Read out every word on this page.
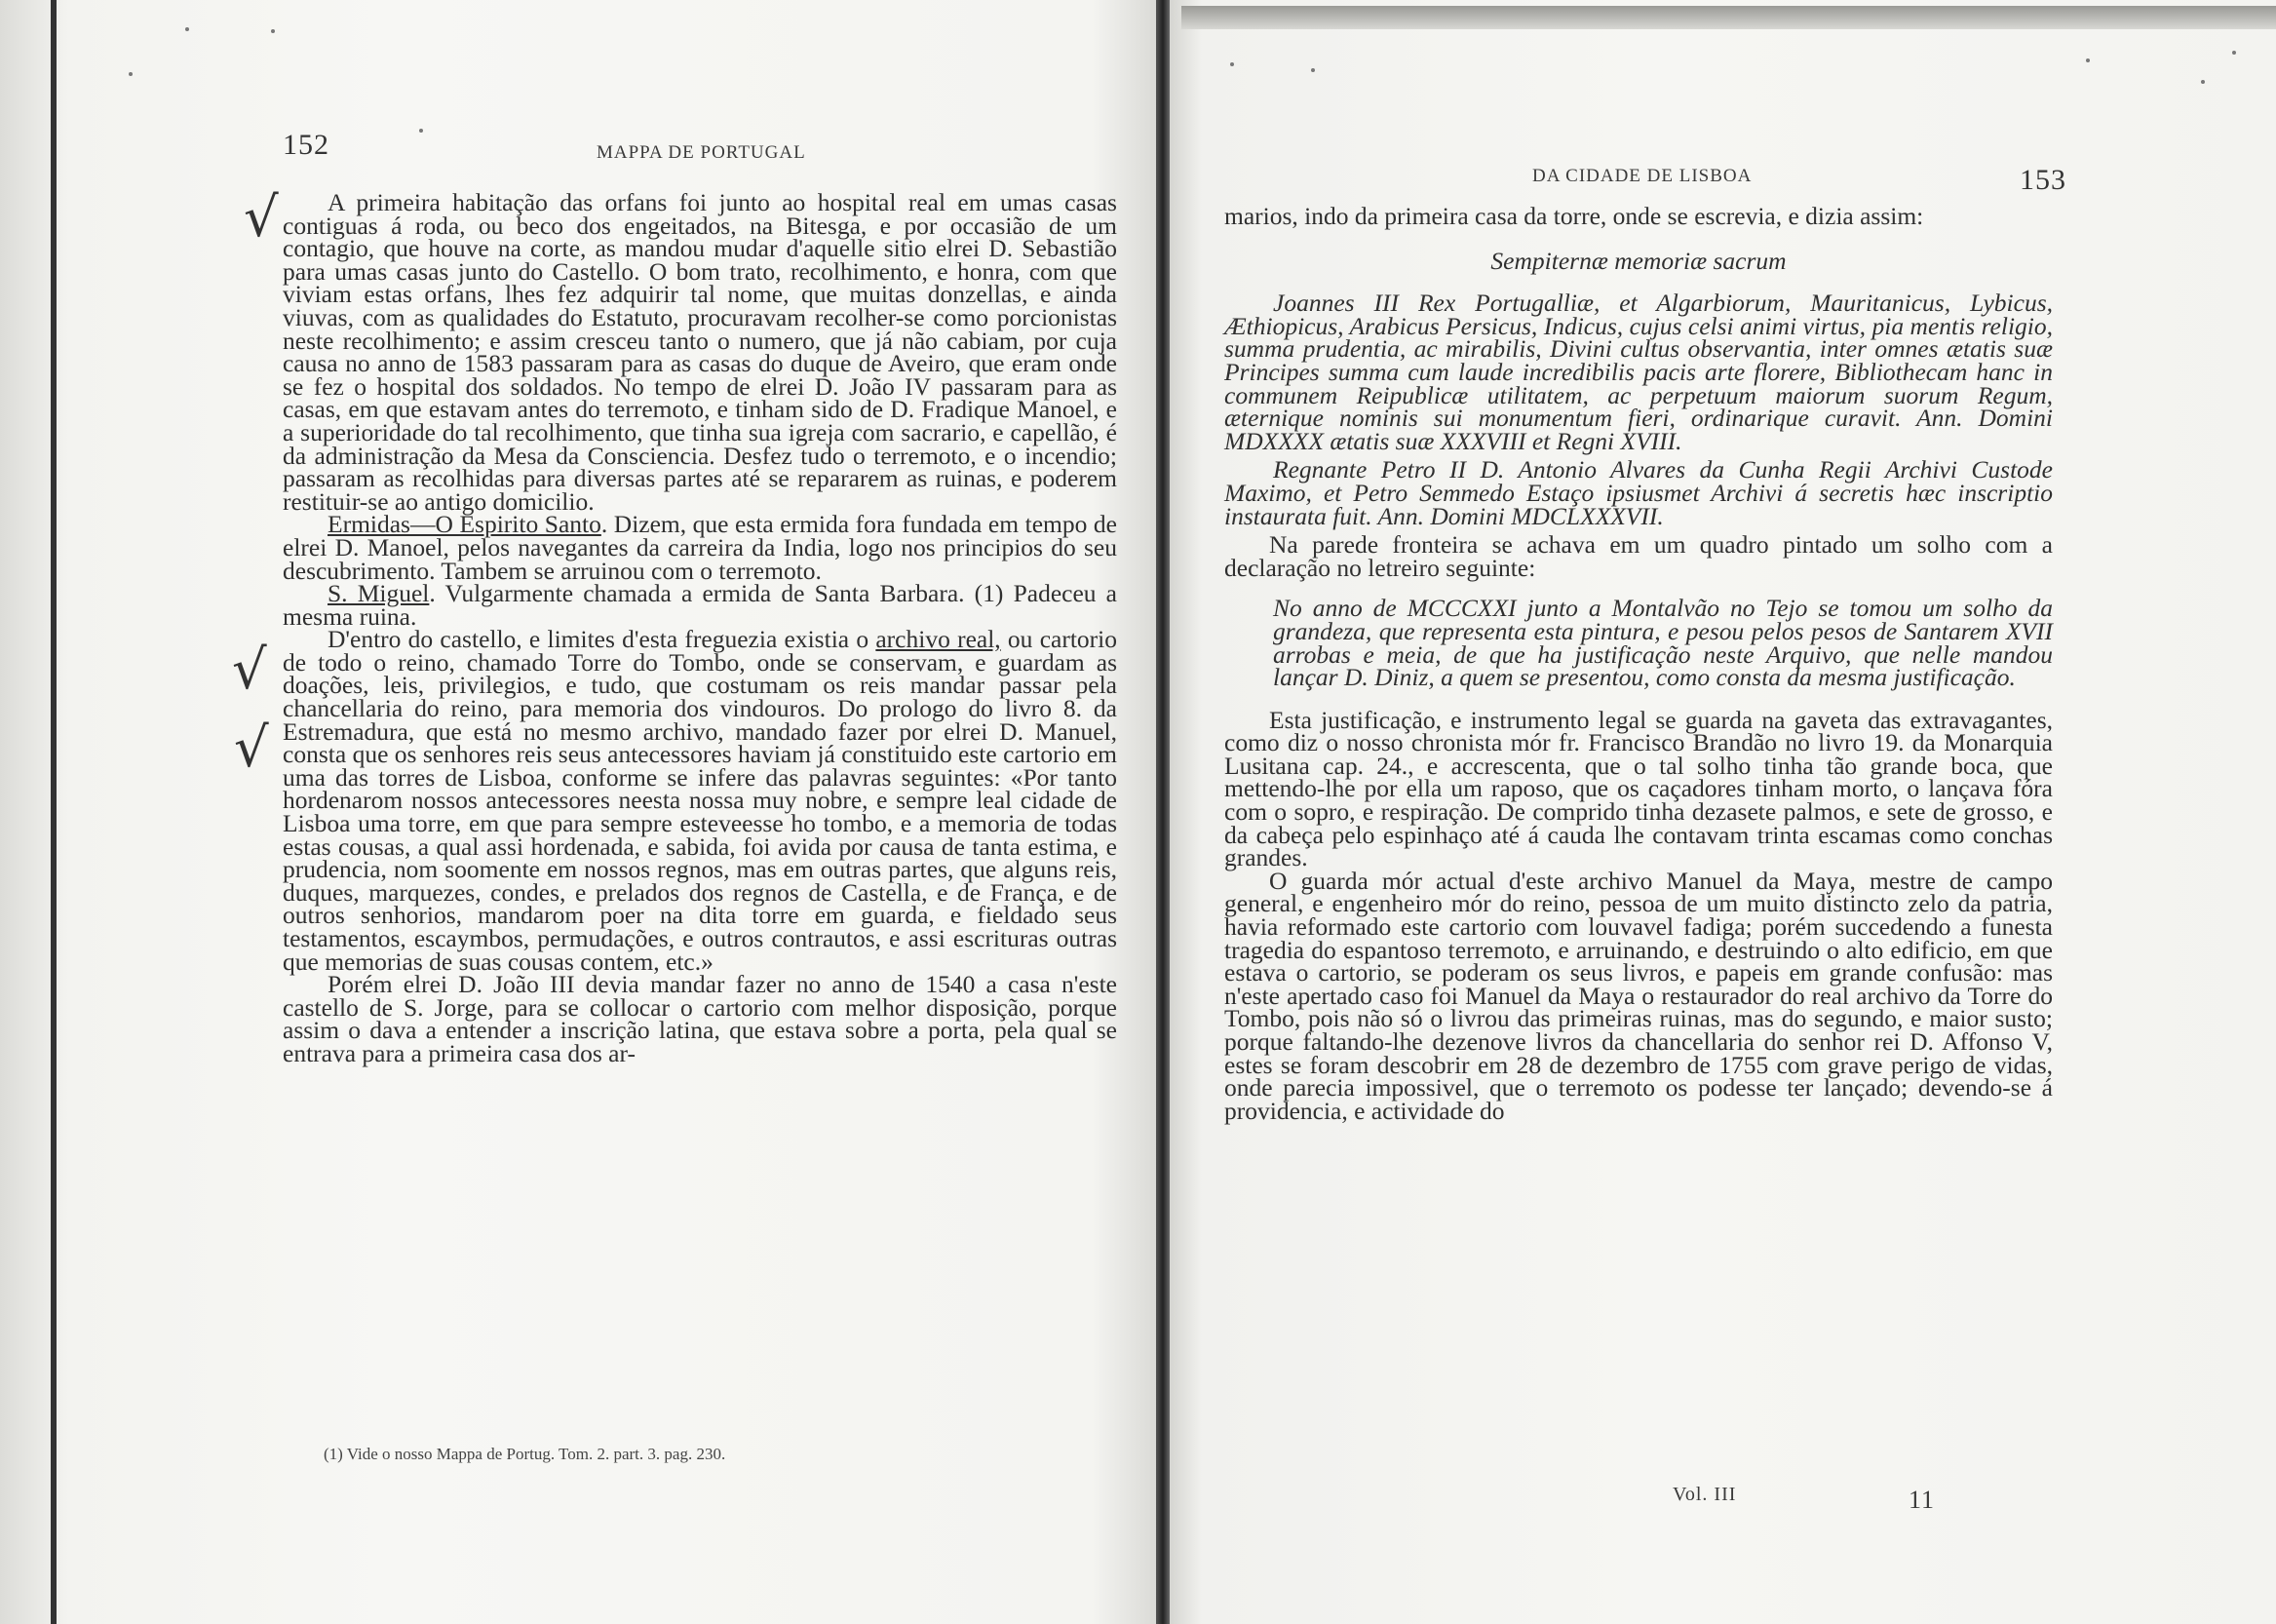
152	MAPPA DE PORTUGAL
√
√
√

A primeira habitação das orfans foi junto ao hospital real em umas casas contiguas á roda, ou beco dos engeitados, na Bitesga, e por occasião de um contagio, que houve na corte, as mandou mudar d'aquelle sitio elrei D. Sebastião para umas casas junto do Castello. O bom trato, recolhimento, e honra, com que viviam estas orfans, lhes fez adquirir tal nome, que muitas donzellas, e ainda viuvas, com as qualidades do Estatuto, procuravam recolher-se como porcionistas neste recolhimento; e assim cresceu tanto o numero, que já não cabiam, por cuja causa no anno de 1583 passaram para as casas do duque de Aveiro, que eram onde se fez o hospital dos soldados. No tempo de elrei D. João IV passaram para as casas, em que estavam antes do terremoto, e tinham sido de D. Fradique Manoel, e a superioridade do tal recolhimento, que tinha sua igreja com sacrario, e capellão, é da administração da Mesa da Consciencia. Desfez tudo o terremoto, e o incendio; passaram as recolhidas para diversas partes até se repararem as ruinas, e poderem restituir-se ao antigo domicilio.

Ermidas—O Espirito Santo. Dizem, que esta ermida fora fundada em tempo de elrei D. Manoel, pelos navegantes da carreira da India, logo nos principios do seu descubrimento. Tambem se arruinou com o terremoto.

S. Miguel. Vulgarmente chamada a ermida de Santa Barbara. (1) Padeceu a mesma ruina.

D'entro do castello, e limites d'esta freguezia existia o archivo real, ou cartorio de todo o reino, chamado Torre do Tombo, onde se conservam, e guardam as doações, leis, privilegios, e tudo, que costumam os reis mandar passar pela chancellaria do reino, para memoria dos vindouros. Do prologo do livro 8. da Estremadura, que está no mesmo archivo, mandado fazer por elrei D. Manuel, consta que os senhores reis seus antecessores haviam já constituido este cartorio em uma das torres de Lisboa, conforme se infere das palavras seguintes: «Por tanto hordenarom nossos antecessores neesta nossa muy nobre, e sempre leal cidade de Lisboa uma torre, em que para sempre esteveesse ho tombo, e a memoria de todas estas cousas, a qual assi hordenada, e sabida, foi avida por causa de tanta estima, e prudencia, nom soomente em nossos regnos, mas em outras partes, que alguns reis, duques, marquezes, condes, e prelados dos regnos de Castella, e de França, e de outros senhorios, mandarom poer na dita torre em guarda, e fieldado seus testamentos, escaymbos, permudações, e outros contrautos, e assi escrituras outras que memorias de suas cousas contem, etc.»

Porém elrei D. João III devia mandar fazer no anno de 1540 a casa n'este castello de S. Jorge, para se collocar o cartorio com melhor disposição, porque assim o dava a entender a inscrição latina, que estava sobre a porta, pela qual se entrava para a primeira casa dos ar-

(1) Vide o nosso Mappa de Portug. Tom. 2. part. 3. pag. 230.
DA CIDADE DE LISBOA	153

marios, indo da primeira casa da torre, onde se escrevia, e dizia assim:

Sempiternæ memoriæ sacrum

Joannes III Rex Portugalliæ, et Algarbiorum, Mauritanicus, Lybicus, Æthiopicus, Arabicus Persicus, Indicus, cujus celsi animi virtus, pia mentis religio, summa prudentia, ac mirabilis, Divini cultus observantia, inter omnes ætatis suæ Principes summa cum laude incredibilis pacis arte florere, Bibliothecam hanc in communem Reipublicæ utilitatem, ac perpetuum maiorum suorum Regum, æternique nominis sui monumentum fieri, ordinarique curavit. Ann. Domini MDXXXX ætatis suæ XXXVIII et Regni XVIII.

Regnante Petro II D. Antonio Alvares da Cunha Regii Archivi Custode Maximo, et Petro Semmedo Estaço ipsiusmet Archivi á secretis hæc inscriptio instaurata fuit. Ann. Domini MDCLXXXVII.

Na parede fronteira se achava em um quadro pintado um solho com a declaração no letreiro seguinte:

No anno de MCCCXXI junto a Montalvão no Tejo se tomou um solho da grandeza, que representa esta pintura, e pesou pelos pesos de Santarem XVII arrobas e meia, de que ha justificação neste Arquivo, que nelle mandou lançar D. Diniz, a quem se presentou, como consta da mesma justificação.

Esta justificação, e instrumento legal se guarda na gaveta das extravagantes, como diz o nosso chronista mór fr. Francisco Brandão no livro 19. da Monarquia Lusitana cap. 24., e accrescenta, que o tal solho tinha tão grande boca, que mettendo-lhe por ella um raposo, que os caçadores tinham morto, o lançava fóra com o sopro, e respiração. De comprido tinha dezasete palmos, e sete de grosso, e da cabeça pelo espinhaço até á cauda lhe contavam trinta escamas como conchas grandes.

O guarda mór actual d'este archivo Manuel da Maya, mestre de campo general, e engenheiro mór do reino, pessoa de um muito distincto zelo da patria, havia reformado este cartorio com louvavel fadiga; porém succedendo a funesta tragedia do espantoso terremoto, e arruinando, e destruindo o alto edificio, em que estava o cartorio, se poderam os seus livros, e papeis em grande confusão: mas n'este apertado caso foi Manuel da Maya o restaurador do real archivo da Torre do Tombo, pois não só o livrou das primeiras ruinas, mas do segundo, e maior susto; porque faltando-lhe dezenove livros da chancellaria do senhor rei D. Affonso V, estes se foram descobrir em 28 de dezembro de 1755 com grave perigo de vidas, onde parecia impossivel, que o terremoto os podesse ter lançado; devendo-se á providencia, e actividade do

Vol. III	11
